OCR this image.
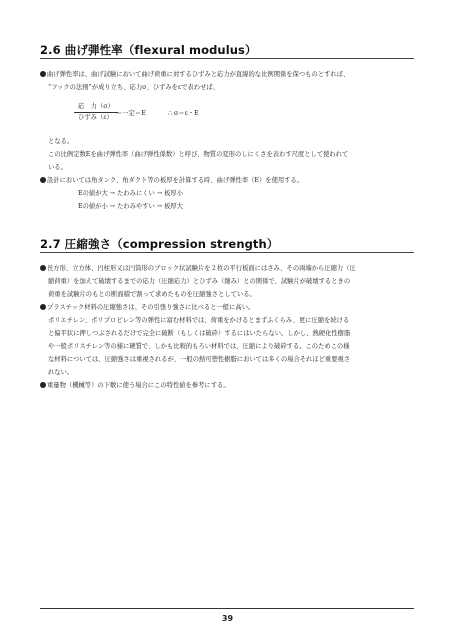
2.6 曲げ弾性率（flexural modulus）
曲げ弾性率は、曲げ試験において曲げ荷重に対するひずみと応力が直線的な比例関係を保つものとすれば、
“フックの法則”が成り立ち、応力σ、ひずみをεで表わせば、
応　力（σ）
ひずみ（ε）
＝一定＝E	∴ σ＝ε・E
となる。
この比例定数Eを曲げ弾性率（曲げ弾性係数）と呼び、物質の変形のしにくさを表わす尺度として使われて
いる。
設計においては角タンク、角ダクト等の板厚を計算する時、曲げ弾性率（E）を使用する。
Eの値が大 → たわみにくい → 板厚小
Eの値が小 → たわみやすい → 板厚大
2.7 圧縮強さ（compression strength）
長方形、立方体、円柱形又は円筒形のブロック状試験片を２枚の平行板面にはさみ、その両端から圧縮力（圧
縮荷重）を加えて破壊するまでの応力（圧縮応力）とひずみ（縮み）との関係で、試験片が破壊するときの
荷重を試験片のもとの断面積で割って求めたものを圧縮強さとしている。
プラスチック材料の圧縮強さは、その引張り強さに比べると一般に高い。
ポリエチレン、ポリプロピレン等の弾性に富む材料では、荷重をかけるとまずふくらみ、更に圧縮を続ける
と偏平状に押しつぶされるだけで完全に破断（もしくは破砕）するにはいたらない。しかし、熱硬化性樹脂
や一般ポリスチレン等の様に硬質で、しかも比較的もろい材料では、圧縮により破砕する。このためこの様
な材料については、圧縮強さは重視されるが、一般の熱可塑性樹脂においては多くの場合それほど重要視さ
れない。
重量物（機械等）の下敷に使う場合にこの特性値を参考にする。
39
